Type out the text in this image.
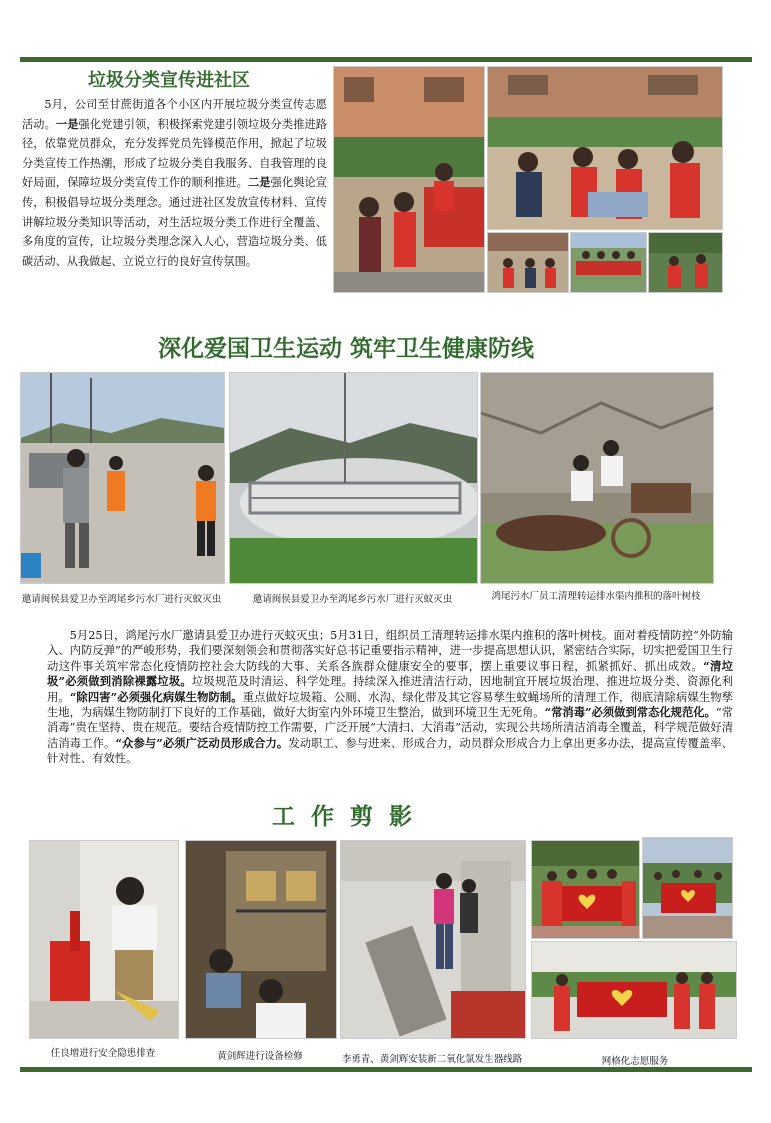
垃圾分类宣传进社区
5月，公司至甘蔗街道各个小区内开展垃圾分类宣传志愿活动。一是强化党建引领，积极探索党建引领垃圾分类推进路径，依靠党员群众，充分发挥党员先锋模范作用，掀起了垃圾分类宣传工作热潮，形成了垃圾分类自我服务、自我管理的良好局面，保障垃圾分类宣传工作的顺利推进。二是强化舆论宣传，积极倡导垃圾分类理念。通过进社区发放宣传材料、宣传讲解垃圾分类知识等活动，对生活垃圾分类工作进行全覆盖、多角度的宣传，让垃圾分类理念深入人心，营造垃圾分类、低碳活动、从我做起、立说立行的良好宣传氛围。
深化爱国卫生运动 筑牢卫生健康防线
邀请闽侯县爱卫办至鸿尾乡污水厂进行灭蚊灭虫	邀请闽侯县爱卫办至鸿尾乡污水厂进行灭蚊灭虫	鸿尾污水厂员工清理转运排水渠内推积的落叶树枝
5月25日，鸿尾污水厂邀请县爱卫办进行灭蚊灭虫；5月31日，组织员工清理转运排水渠内推积的落叶树枝。面对着疫情防控“外防输入、内防反弹”的严峻形势，我们要深刻领会和贯彻落实好总书记重要指示精神，进一步提高思想认识，紧密结合实际，切实把爱国卫生行动这件事关筑牢常态化疫情防控社会大防线的大事、关系各族群众健康安全的要事，摆上重要议事日程，抓紧抓好、抓出成效。“清垃圾”必须做到消除裸露垃圾。垃圾规范及时清运、科学处理。持续深入推进清洁行动，因地制宜开展垃圾治理、推进垃圾分类、资源化利用。“除四害”必须强化病媒生物防制。重点做好垃圾箱、公厕、水沟、绿化带及其它容易孳生蚊蝇场所的清理工作，彻底清除病媒生物孳生地，为病媒生物防制打下良好的工作基础，做好大街室内外环境卫生整治，做到环境卫生无死角。“常消毒”必须做到常态化规范化。“常消毒”贵在坚持、贵在规范。要结合疫情防控工作需要，广泛开展“大清扫、大消毒”活动，实现公共场所清洁消毒全覆盖，科学规范做好清洁消毒工作。“众参与”必须广泛动员形成合力。发动职工、参与进来、形成合力，动员群众形成合力上拿出更多办法，提高宣传覆盖率、针对性、有效性。
工 作 剪 影
任良增进行安全隐患排查	黄剑辉进行设备检修	李勇青、黄剑辉安装新二氧化氯发生器线路	网格化志愿服务
